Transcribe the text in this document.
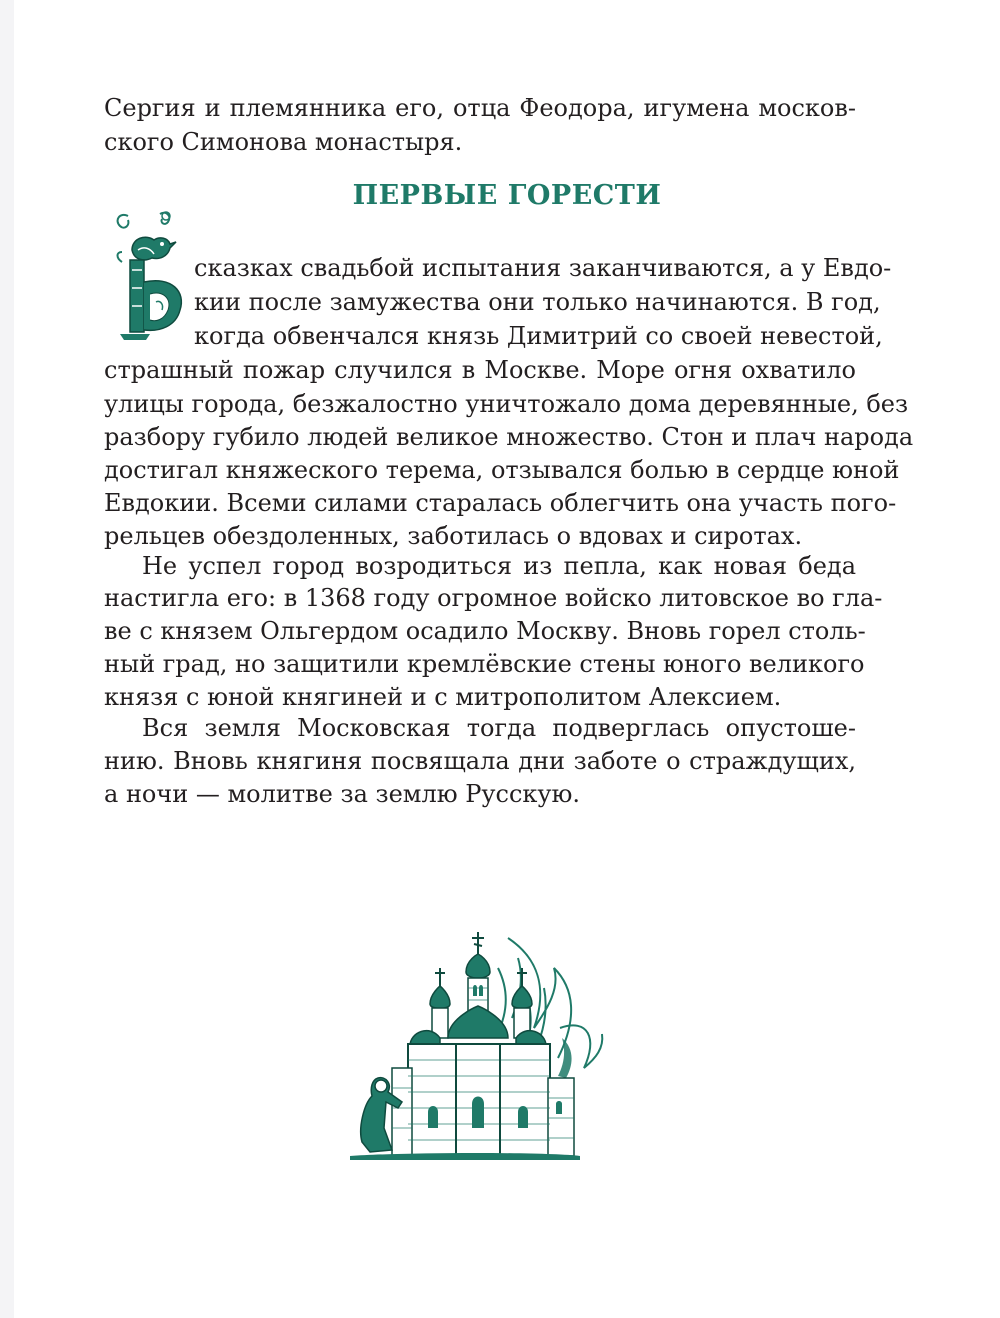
Сергия и племянника его, отца Феодора, игумена москов-
ского Симонова монастыря.
ПЕРВЫЕ ГОРЕСТИ
сказках свадьбой испытания заканчиваются, а у Евдо-
кии после замужества они только начинаются. В год,
когда обвенчался князь Димитрий со своей невестой,
страшный пожар случился в Москве. Море огня охватило
улицы города, безжалостно уничтожало дома деревянные, без
разбору губило людей великое множество. Стон и плач народа
достигал княжеского терема, отзывался болью в сердце юной
Евдокии. Всеми силами старалась облегчить она участь пого-
рельцев обездоленных, заботилась о вдовах и сиротах.
Не успел город возродиться из пепла, как новая беда
настигла его: в 1368 году огромное войско литовское во гла-
ве с князем Ольгердом осадило Москву. Вновь горел столь-
ный град, но защитили кремлёвские стены юного великого
князя с юной княгиней и с митрополитом Алексием.
Вся земля Московская тогда подверглась опустоше-
нию. Вновь княгиня посвящала дни заботе о страждущих,
а ночи — молитве за землю Русскую.
